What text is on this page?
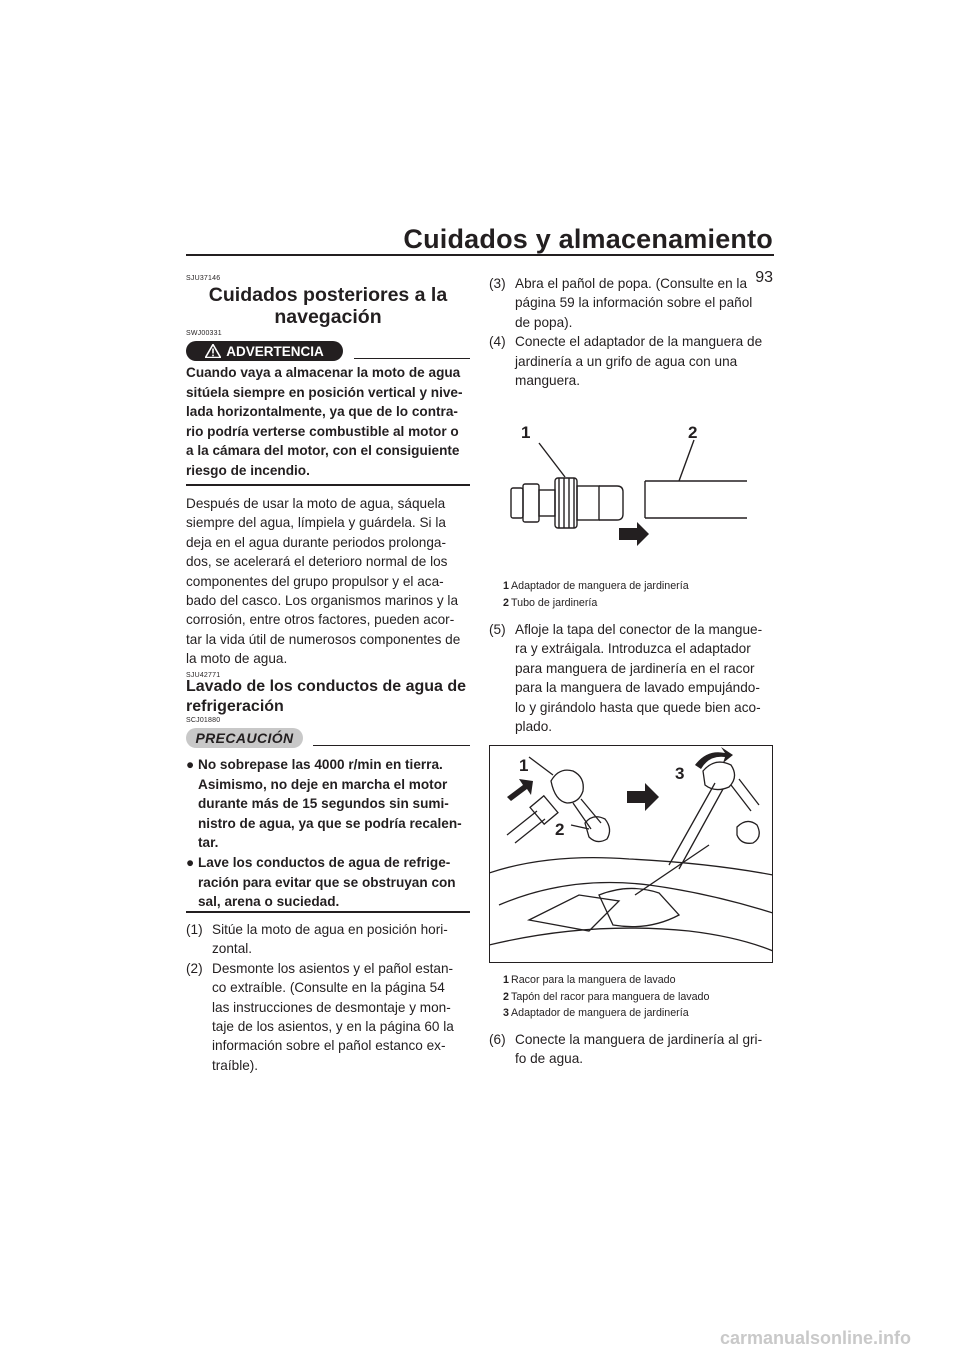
Cuidados y almacenamiento
93
SJU37146
Cuidados posteriores a la
navegación
SWJ00331
ADVERTENCIA
Cuando vaya a almacenar la moto de agua
sitúela siempre en posición vertical y nive-
lada horizontalmente, ya que de lo contra-
rio podría verterse combustible al motor o
a la cámara del motor, con el consiguiente
riesgo de incendio.
Después de usar la moto de agua, sáquela
siempre del agua, límpiela y guárdela. Si la
deja en el agua durante periodos prolonga-
dos, se acelerará el deterioro normal de los
componentes del grupo propulsor y el aca-
bado del casco. Los organismos marinos y la
corrosión, entre otros factores, pueden acor-
tar la vida útil de numerosos componentes de
la moto de agua.
SJU42771
Lavado de los conductos de agua de
refrigeración
SCJ01880
PRECAUCIÓN
● No sobrepase las 4000 r/min en tierra.
Asimismo, no deje en marcha el motor
durante más de 15 segundos sin sumi-
nistro de agua, ya que se podría recalen-
tar.
● Lave los conductos de agua de refrige-
ración para evitar que se obstruyan con
sal, arena o suciedad.
(1) Sitúe la moto de agua en posición hori-
zontal.
(2) Desmonte los asientos y el pañol estan-
co extraíble. (Consulte en la página 54
las instrucciones de desmontaje y mon-
taje de los asientos, y en la página 60 la
información sobre el pañol estanco ex-
traíble).
(3) Abra el pañol de popa. (Consulte en la
página 59 la información sobre el pañol
de popa).
(4) Conecte el adaptador de la manguera de
jardinería a un grifo de agua con una
manguera.
1	2
1 Adaptador de manguera de jardinería
2 Tubo de jardinería
(5) Afloje la tapa del conector de la mangue-
ra y extráigala. Introduzca el adaptador
para manguera de jardinería en el racor
para la manguera de lavado empujándo-
lo y girándolo hasta que quede bien aco-
plado.
1
2
3
1 Racor para la manguera de lavado
2 Tapón del racor para manguera de lavado
3 Adaptador de manguera de jardinería
(6) Conecte la manguera de jardinería al gri-
fo de agua.
carmanualsonline.info
